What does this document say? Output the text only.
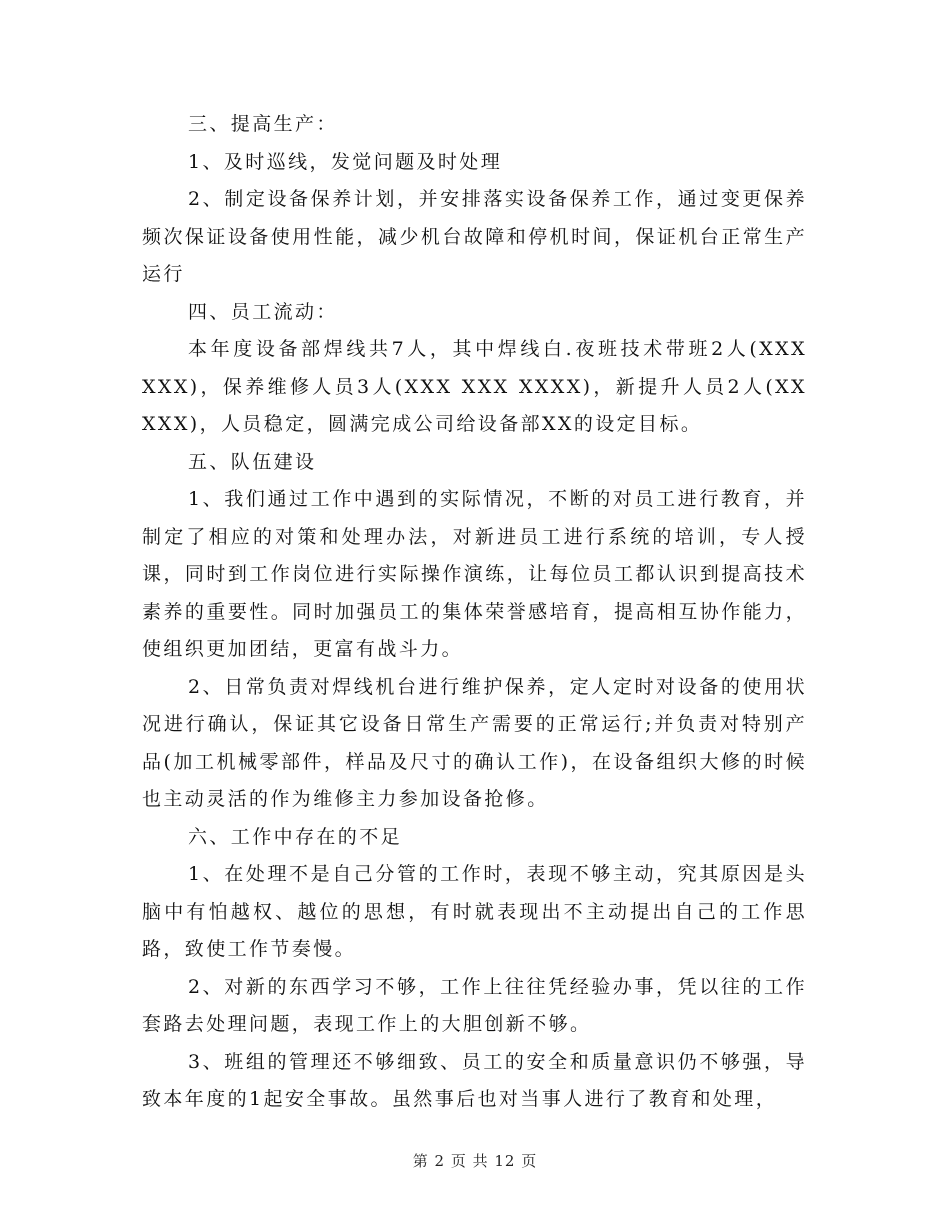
三、提高生产：

1、及时巡线，发觉问题及时处理

2、制定设备保养计划，并安排落实设备保养工作，通过变更保养频次保证设备使用性能，减少机台故障和停机时间，保证机台正常生产运行

四、员工流动：

本年度设备部焊线共7人，其中焊线白.夜班技术带班2人(XXX XXX)，保养维修人员3人(XXX XXX XXXX)，新提升人员2人(XX XXX)，人员稳定，圆满完成公司给设备部XX的设定目标。

五、队伍建设

1、我们通过工作中遇到的实际情况，不断的对员工进行教育，并制定了相应的对策和处理办法，对新进员工进行系统的培训，专人授课，同时到工作岗位进行实际操作演练，让每位员工都认识到提高技术素养的重要性。同时加强员工的集体荣誉感培育，提高相互协作能力，使组织更加团结，更富有战斗力。

2、日常负责对焊线机台进行维护保养，定人定时对设备的使用状况进行确认，保证其它设备日常生产需要的正常运行;并负责对特别产品(加工机械零部件，样品及尺寸的确认工作)，在设备组织大修的时候也主动灵活的作为维修主力参加设备抢修。

六、工作中存在的不足

1、在处理不是自己分管的工作时，表现不够主动，究其原因是头脑中有怕越权、越位的思想，有时就表现出不主动提出自己的工作思路，致使工作节奏慢。

2、对新的东西学习不够，工作上往往凭经验办事，凭以往的工作套路去处理问题，表现工作上的大胆创新不够。

3、班组的管理还不够细致、员工的安全和质量意识仍不够强，导致本年度的1起安全事故。虽然事后也对当事人进行了教育和处理，

第 2 页 共 12 页
